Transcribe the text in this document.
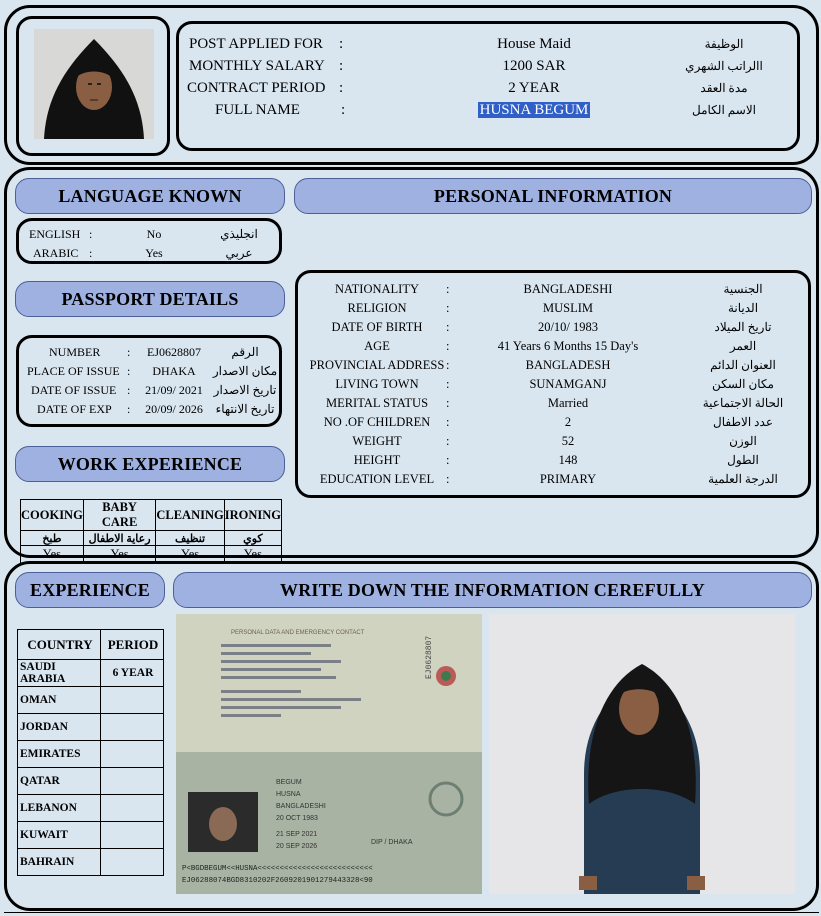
POST APPLIED FOR :	House Maid	الوظيفة
MONTHLY SALARY :	1200 SAR	االراتب الشهري
CONTRACT PERIOD :	2 YEAR	مدة العقد
FULL NAME	:	HUSNA BEGUM	الاسم الكامل
LANGUAGE KNOWN	PERSONAL INFORMATION
ENGLISH :	No	انجليذي
ARABIC :	Yes	عربي
PASSPORT DETAILS
NUMBER :	EJ0628807	الرقم
PLACE OF ISSUE :	DHAKA	مكان الاصدار
DATE OF ISSUE :	21/09/ 2021 تاريخ الاصدار
DATE OF EXP :	20/09/ 2026	تاريخ الانتهاء
WORK EXPERIENCE
COOKING	BABY CARE	CLEANING	IRONING
طبخ	رعاية الاطفال	تنظيف	كوي
Yes	Yes	Yes	Yes
NATIONALITY	:	BANGLADESHI	الجنسية
RELIGION	:	MUSLIM	الديانة
DATE OF BIRTH	:	20/10/ 1983	تاريخ الميلاد
AGE	:	41 Years 6 Months 15 Day's	العمر
PROVINCIAL ADDRESS :	BANGLADESH	العنوان الدائم
LIVING TOWN	:	SUNAMGANJ	مكان السكن
MERITAL STATUS	:	Married	الحالة الاجتماعية
NO .OF CHILDREN	:	2	عدد الاطفال
WEIGHT	:	52	الوزن
HEIGHT	:	148	الطول
EDUCATION LEVEL :	PRIMARY	الدرجة العلمية
EXPERIENCE	WRITE DOWN THE INFORMATION CEREFULLY
COUNTRY	PERIOD
SAUDI ARABIA	6 YEAR
OMAN	
JORDAN	
EMIRATES	
QATAR	
LEBANON	
KUWAIT	
BAHRAIN	
PERSONAL DATA AND EMERGENCY CONTACT
EJ0628807
BEGUM
HUSNA
BANGLADESHI
20 OCT 1983
21 SEP 2021
20 SEP 2026
DIP / DHAKA
P<BGDBEGUM<<HUSNA<<<<<<<<<<<<<<<<<<<<<<<<<<
EJ06288074BGD8310202F2609201901279443328<90
